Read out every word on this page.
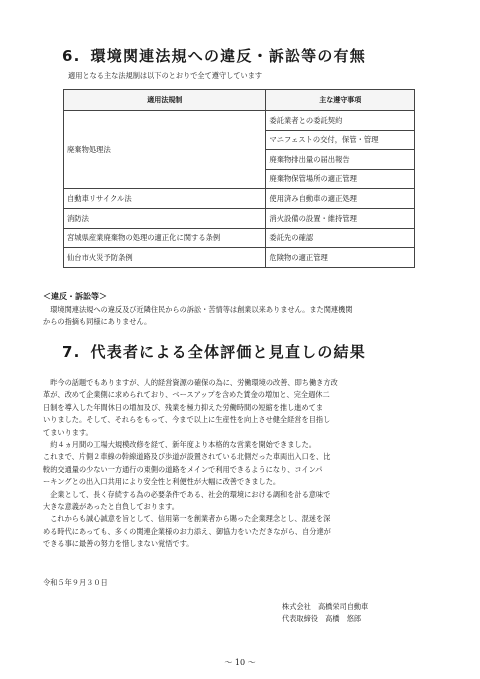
6. 環境関連法規への違反・訴訟等の有無
適用となる主な法規制は以下のとおりで全て遵守しています
適用法規制	主な遵守事項
廃棄物処理法	委託業者との委託契約
	マニフェストの交付，保管・管理
	廃棄物排出量の届出報告
	廃棄物保管場所の適正管理
自動車リサイクル法	使用済み自動車の適正処理
消防法	消火設備の設置・維持管理
宮城県産業廃棄物の処理の適正化に関する条例	委託先の確認
仙台市火災予防条例	危険物の適正管理
＜違反・訴訟等＞

　環境関連法規への違反及び近隣住民からの訴訟・苦情等は創業以来ありません。また関連機関

からの指摘も同様にありません。

7. 代表者による全体評価と見直しの結果

　昨今の話題でもありますが、人的経営資源の確保の為に、労働環境の改善、即ち働き方改

革が、改めて企業側に求められており、ベースアップを含めた賃金の増加と、完全週休二

日制を導入した年間休日の増加及び、残業を極力抑えた労働時間の短縮を推し進めてま

いりました。そして、それらをもって、今まで以上に生産性を向上させ健全経営を目指し

てまいります。

　約４ヵ月間の工場大規模改修を経て、新年度より本格的な営業を開始できました。

これまで、片側２車線の幹線道路及び歩道が設置されている北側だった車両出入口を、比

較的交通量の少ない一方通行の東側の道路をメインで利用できるようになり、コインパ

ーキングとの出入口共用により安全性と利便性が大幅に改善できました。

　企業として、長く存続する為の必要条件である、社会的環境における調和を計る意味で

大きな意義があったと自負しております。

　これからも誠心誠意を旨として、信用第一を創業者から賜った企業理念とし、混迷を深

める時代にあっても、多くの関連企業様のお力添え、御協力をいただきながら、自分達が

できる事に最善の努力を惜しまない覚悟です。

令和５年９月３０日
株式会社　高橋栄司自動車
代表取締役　高橋　悠郎
～ 10 ～
